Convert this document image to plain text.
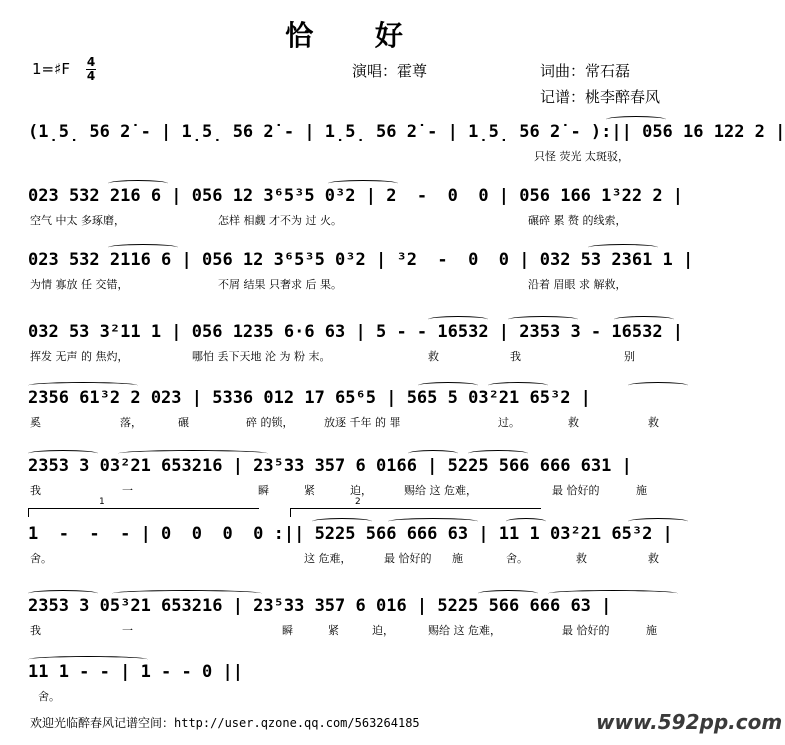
恰 好
1=♯F 4
4	演唱：霍尊	词曲：常石磊
记谱：桃李醉春风
(1̣5̣ 56 2̇ - | 1̣5̣ 56 2̇ - | 1̣5̣ 56 2̇ - | 1̣5̣ 56 2̇ - ):|| 056 16 122 2 |
只怪 荧光 太斑驳，
023 532 216 6 | 056 12 3⁶5³5 0³2 | 2  -  0  0 | 056 166 1³22 2 |
空气 中太 多琢磨，	怎样 相觑 才不为 过 火。	碾碎 累 赘 的线索，
023 532 2116 6 | 056 12 3⁶5³5 0³2 | ³2  -  0  0 | 032 53 2361 1 |
为情 寡放 任 交错，	不屑 结果 只奢求 后 果。	沿着 眉眼 求 解救，
032 53 3²11 1 | 056 1235 6·6 63 | 5 - - 16532 | 2353 3 - 16532 |
挥发 无声 的 焦灼，	哪怕 丢下天地 沦 为 粉 末。	救	我	别
2356 61³2 2 023 | 5336 012 17 65⁶5 | 565 5 03²21 65³2 |
奚	落，	碾	碎 的锁，	放逐 千年 的 罪	过。	救	救
2353 3 03²21 653216 | 23⁵33 357 6 0166 | 5225 566 666 631 |
我	一	瞬	紧	迫，	赐给 这 危难，	最 恰好的	施
1	2
1  -  -  - | 0  0  0  0 :|| 5225 566 666 63 | 11 1 03²21 65³2 |
舍。	这 危难，	最 恰好的 施	舍。	救	救
2353 3 05³21 653216 | 23⁵33 357 6 016 | 5225 566 666 63 |
我	一	瞬	紧	迫，	赐给 这 危难，	最 恰好的	施
11 1 - - | 1 - - 0 ||
舍。
欢迎光临醉春风记谱空间：http://user.qzone.qq.com/563264185	www.592pp.com
